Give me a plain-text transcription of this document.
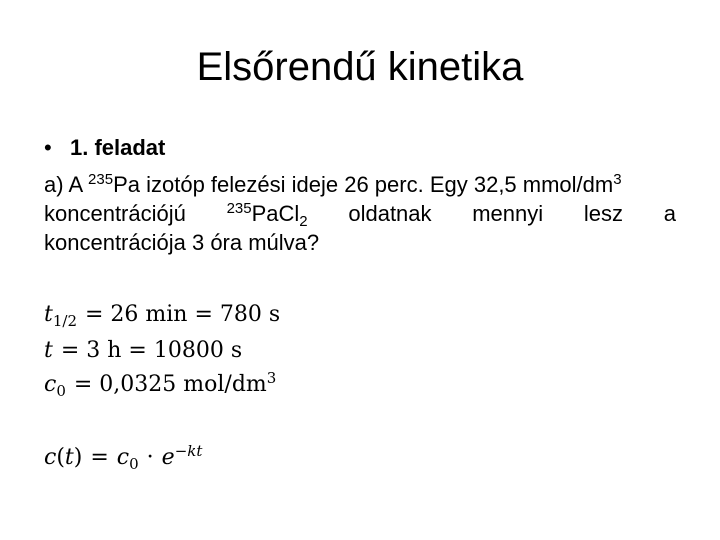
Elsőrendű kinetika
• 1. feladat
a) A $^{235}$Pa izotóp felezési ideje 26 perc. Egy 32,5 mmol/$dm^3$
koncentrációjú	$^{235}$PaCl$_2$ oldatnak mennyi lesz a
koncentrációja 3 óra múlva?
$t_{1/2} = 26$ min = 780 s
t = 3 h = 10800 s
$c_0 = 0,0325$ mol/$dm^3$
$c(t) = c_0 \cdot e^{-kt}$
